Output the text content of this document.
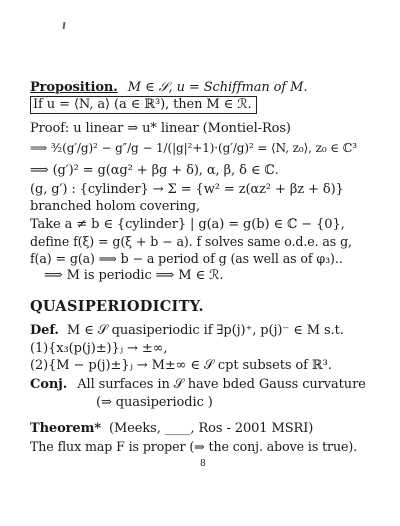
Proposition. M ∈ 𝒮, u = Schiffman of M.
If u = ⟨N, a⟩ (a ∈ ℝ³), then M ∈ ℛ.
Proof: u linear ⇒ u* linear (Montiel-Ros)
⟹ ³⁄₂(g′/g)² − g″/g − 1/(|g|²+1)·(g′/g)² = ⟨N, z₀⟩, z₀ ∈ ℂ³
⟹ (g′)² = g(αg² + βg + δ), α, β, δ ∈ ℂ.
(g, g′) : {cylinder} → Σ = {w² = z(αz² + βz + δ)}
branched holom covering,
Take a ≠ b ∈ {cylinder} | g(a) = g(b) ∈ ℂ − {0},
define f(ξ) = g(ξ + b − a). f solves same o.d.e. as g,
f(a) = g(a) ⟹ b − a period of g (as well as of φ₃)..
⟹ M is periodic ⟹ M ∈ ℛ.
QUASIPERIODICITY.
Def. M ∈ 𝒮 quasiperiodic if ∃p(j)⁺, p(j)⁻ ∈ M s.t.
(1){x₃(p(j)±)}ⱼ → ±∞,
(2){M − p(j)±}ⱼ → M±∞ ∈ 𝒮 cpt subsets of ℝ³.
Conj. All surfaces in 𝒮 have bded Gauss curvature
(⇒ quasiperiodic )
Theorem* (Meeks, ____, Ros - 2001 MSRI)
The flux map F is proper (⇒ the conj. above is true).
8
